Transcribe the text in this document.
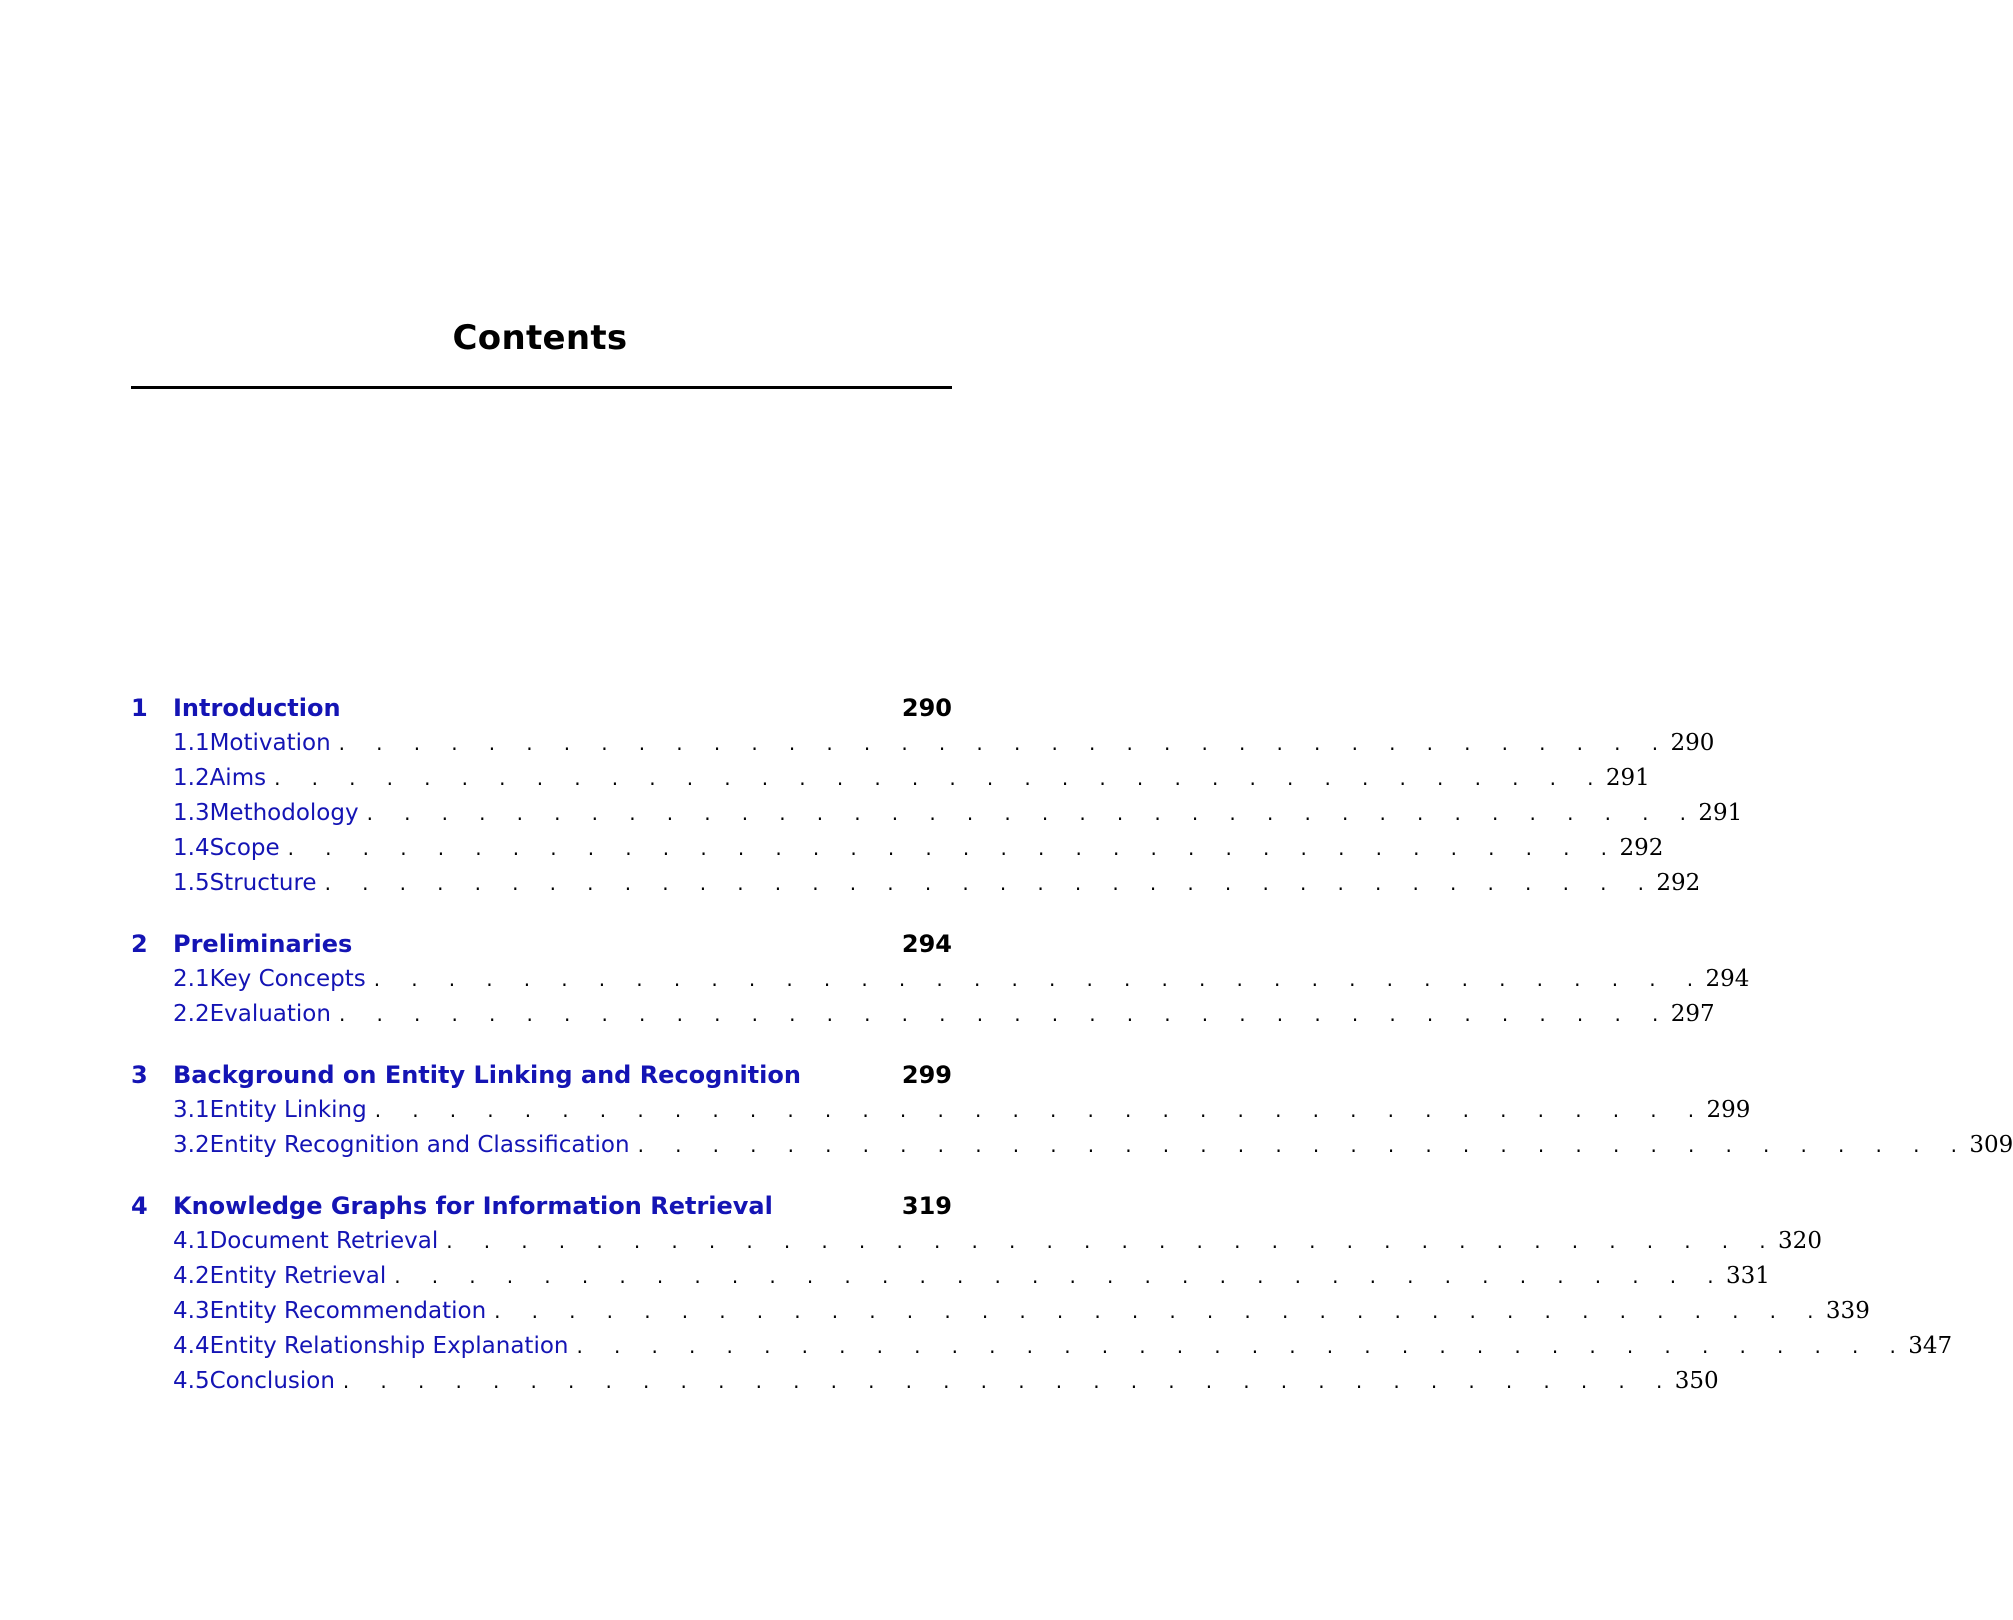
Contents
1	Introduction	290
1.1 Motivation . . . . . . . . . . . . . . . . . . . . . . . . . . . . . . . . . . . . 290
1.2 Aims . . . . . . . . . . . . . . . . . . . . . . . . . . . . . . . . . . . . 291
1.3 Methodology . . . . . . . . . . . . . . . . . . . . . . . . . . . . . . . . . . . . 291
1.4 Scope . . . . . . . . . . . . . . . . . . . . . . . . . . . . . . . . . . . . 292
1.5 Structure . . . . . . . . . . . . . . . . . . . . . . . . . . . . . . . . . . . . 292
2	Preliminaries	294
2.1 Key Concepts . . . . . . . . . . . . . . . . . . . . . . . . . . . . . . . . . . . . 294
2.2 Evaluation . . . . . . . . . . . . . . . . . . . . . . . . . . . . . . . . . . . . 297
3	Background on Entity Linking and Recognition	299
3.1 Entity Linking . . . . . . . . . . . . . . . . . . . . . . . . . . . . . . . . . . . . 299
3.2 Entity Recognition and Classification . . . . . . . . . . . . . . . . . . . . . . . . . . . . . . . . . . . . 309
4	Knowledge Graphs for Information Retrieval	319
4.1 Document Retrieval . . . . . . . . . . . . . . . . . . . . . . . . . . . . . . . . . . . . 320
4.2 Entity Retrieval . . . . . . . . . . . . . . . . . . . . . . . . . . . . . . . . . . . . 331
4.3 Entity Recommendation . . . . . . . . . . . . . . . . . . . . . . . . . . . . . . . . . . . . 339
4.4 Entity Relationship Explanation . . . . . . . . . . . . . . . . . . . . . . . . . . . . . . . . . . . . 347
4.5 Conclusion . . . . . . . . . . . . . . . . . . . . . . . . . . . . . . . . . . . . 350
